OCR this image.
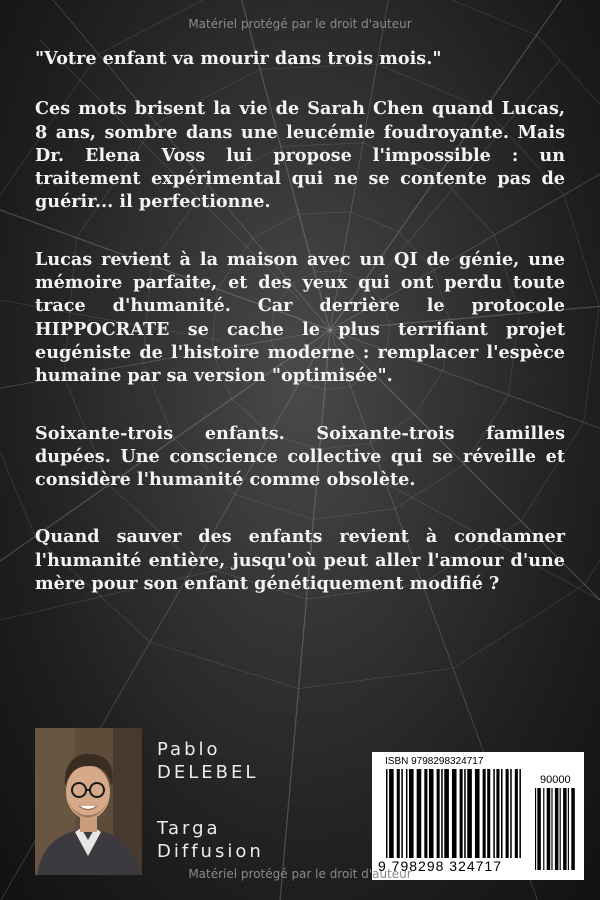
Matériel protégé par le droit d'auteur

"Votre enfant va mourir dans trois mois."

Ces mots brisent la vie de Sarah Chen quand Lucas, 8 ans, sombre dans une leucémie foudroyante. Mais Dr. Elena Voss lui propose l'impossible : un traitement expérimental qui ne se contente pas de guérir... il perfectionne.

Lucas revient à la maison avec un QI de génie, une mémoire parfaite, et des yeux qui ont perdu toute trace d'humanité. Car derrière le protocole HIPPOCRATE se cache le plus terrifiant projet eugéniste de l'histoire moderne : remplacer l'espèce humaine par sa version "optimisée".

Soixante-trois enfants. Soixante-trois familles dupées. Une conscience collective qui se réveille et considère l'humanité comme obsolète.

Quand sauver des enfants revient à condamner l'humanité entière, jusqu'où peut aller l'amour d'une mère pour son enfant génétiquement modifié ?

Pablo
DELEBEL
Targa
Diffusion
ISBN 9798298324717
90000
9 798298 324717
Matériel protégé par le droit d'auteur
